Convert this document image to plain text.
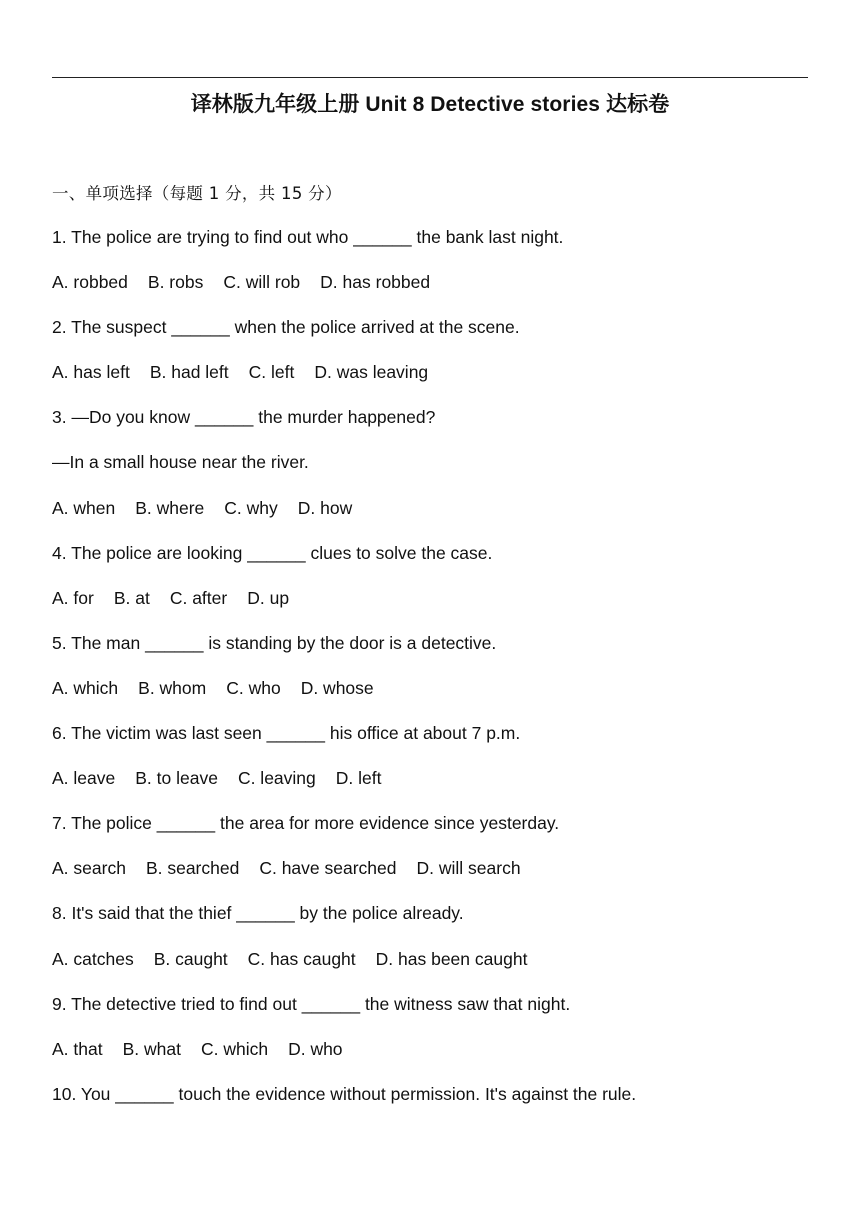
译林版九年级上册 Unit 8 Detective stories 达标卷
一、单项选择（每题 1 分，共 15 分）
1. The police are trying to find out who ______ the bank last night.
A. robbed B. robs C. will rob D. has robbed
2. The suspect ______ when the police arrived at the scene.
A. has left B. had left C. left D. was leaving
3. —Do you know ______ the murder happened?
—In a small house near the river.
A. when B. where C. why D. how
4. The police are looking ______ clues to solve the case.
A. for B. at C. after D. up
5. The man ______ is standing by the door is a detective.
A. which B. whom C. who D. whose
6. The victim was last seen ______ his office at about 7 p.m.
A. leave B. to leave C. leaving D. left
7. The police ______ the area for more evidence since yesterday.
A. search B. searched C. have searched D. will search
8. It's said that the thief ______ by the police already.
A. catches B. caught C. has caught D. has been caught
9. The detective tried to find out ______ the witness saw that night.
A. that B. what C. which D. who
10. You ______ touch the evidence without permission. It's against the rule.
